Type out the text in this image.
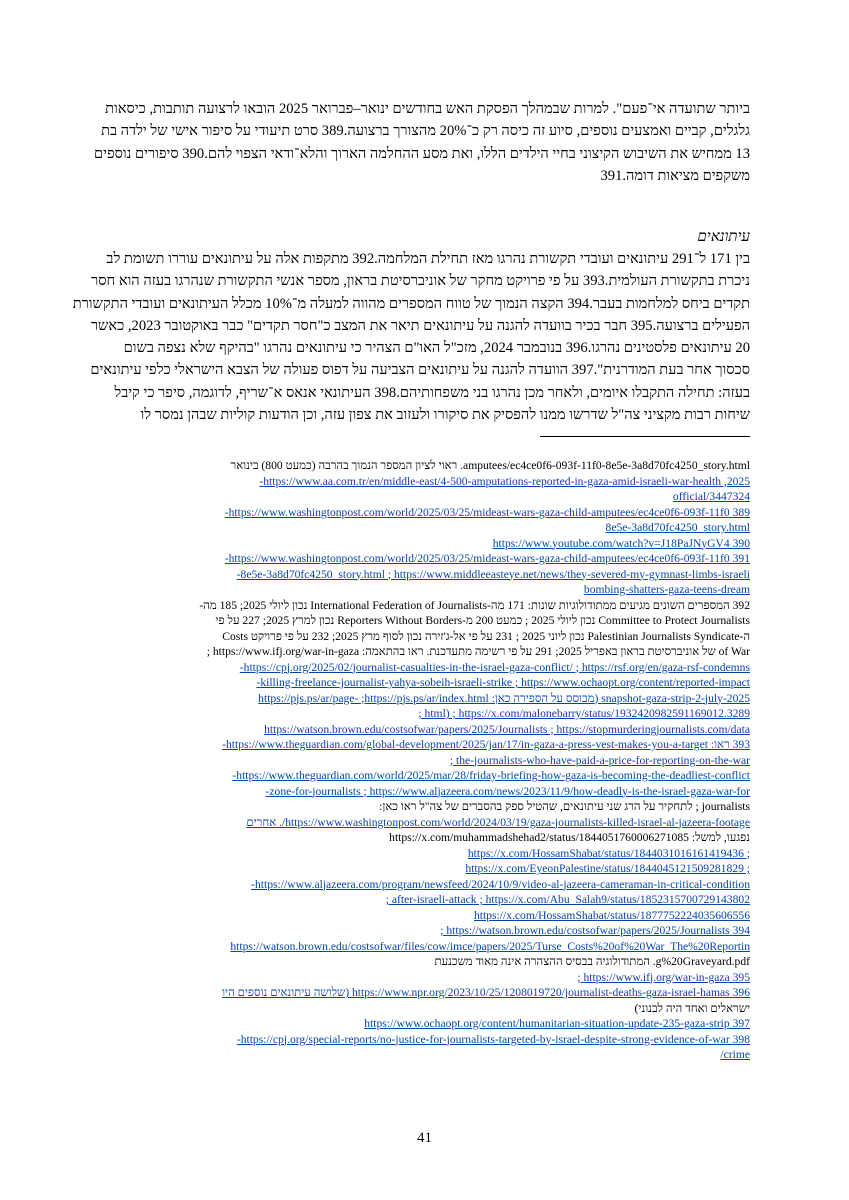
ביותר שתועדה אי־פעם". למרות שבמהלך הפסקת האש בחודשים ינואר–פברואר 2025 הובאו לרצועה תותבות, כיסאות
גלגלים, קביים ואמצעים נוספים, סיוע זה כיסה רק כ־20% מהצורך ברצועה.389 סרט תיעודי על סיפור אישי של ילדה בת
13 ממחיש את השיבוש הקיצוני בחיי הילדים הללו, ואת מסע ההחלמה הארוך והלא־ודאי הצפוי להם.390 סיפורים נוספים
משקפים מציאות דומה.391
עיתונאים
בין 171 ל־291 עיתונאים ועובדי תקשורת נהרגו מאז תחילת המלחמה.392 מתקפות אלה על עיתונאים עוררו תשומת לב
ניכרת בתקשורת העולמית.393 על פי פרויקט מחקר של אוניברסיטת בראון, מספר אנשי התקשורת שנהרגו בעזה הוא חסר
תקדים ביחס למלחמות בעבר.394 הקצה הנמוך של טווח המספרים מהווה למעלה מ־10% מכלל העיתונאים ועובדי התקשורת
הפעילים ברצועה.395 חבר בכיר בוועדה להגנה על עיתונאים תיאר את המצב כ"חסר תקדים" כבר באוקטובר 2023, כאשר
20 עיתונאים פלסטינים נהרגו.396 בנובמבר 2024, מזכ"ל האו"ם הצהיר כי עיתונאים נהרגו "בהיקף שלא נצפה בשום
סכסוך אחר בעת המודרנית".397 הוועדה להגנה על עיתונאים הצביעה על דפוס פעולה של הצבא הישראלי כלפי עיתונאים
בעזה: תחילה התקבלו איומים, ולאחר מכן נהרגו בני משפחותיהם.398 העיתונאי אנאס א־שריף, לדוגמה, סיפר כי קיבל
שיחות רבות מקציני צה"ל שדרשו ממנו להפסיק את סיקורו ולעזוב את צפון עזה, וכן הודעות קוליות שבהן נמסר לו
amputees/ec4ce0f6-093f-11f0-8e5e-3a8d70fc4250_story.html. ראוי לציון המספר הנמוך בהרבה (כמעט 800) בינואר
2025, https://www.aa.com.tr/en/middle-east/4-500-amputations-reported-in-gaza-amid-israeli-war-health-
official/3447324
389 https://www.washingtonpost.com/world/2025/03/25/mideast-wars-gaza-child-amputees/ec4ce0f6-093f-11f0-
8e5e-3a8d70fc4250_story.html
390 https://www.youtube.com/watch?v=J18PaJNyGV4
391 https://www.washingtonpost.com/world/2025/03/25/mideast-wars-gaza-child-amputees/ec4ce0f6-093f-11f0-
8e5e-3a8d70fc4250_story.html ; https://www.middleeasteye.net/news/they-severed-my-gymnast-limbs-israeli-
bombing-shatters-gaza-teens-dream
392 המספרים השונים מגיעים ממתודולוגיות שונות: 171 מה-International Federation of Journalists נכון ליולי 2025; 185 מה-
Committee to Protect Journalists נכון ליולי 2025 ; כמעט 200 מ-Reporters Without Borders נכון למרץ 2025; 227 על פי
ה-Palestinian Journalists Syndicate נכון ליוני 2025 ; 231 על פי אל-ג'זירה נכון לסוף מרץ 2025; 232 על פי פרויקט Costs
of War של אוניברסיטת בראון באפריל 2025; 291 על פי רשימה מתעדכנת. ראו בהתאמה: https://www.ifj.org/war-in-gaza ;
https://cpj.org/2025/02/journalist-casualties-in-the-israel-gaza-conflict/ ; https://rsf.org/en/gaza-rsf-condemns-
killing-freelance-journalist-yahya-sobeih-israeli-strike ; https://www.ochaopt.org/content/reported-impact-
snapshot-gaza-strip-2-july-2025 (מבוסס על הספירה כאן: https://pjs.ps/ar/page- ;https://pjs.ps/ar/index.html
3289.html) ; https://x.com/malonebarry/status/1932420982591169012 ;
https://watson.brown.edu/costsofwar/papers/2025/Journalists ; https://stopmurderingjournalists.com/data
393 ראו: https://www.theguardian.com/global-development/2025/jan/17/in-gaza-a-press-vest-makes-you-a-target-
the-journalists-who-have-paid-a-price-for-reporting-on-the-war ;
https://www.theguardian.com/world/2025/mar/28/friday-briefing-how-gaza-is-becoming-the-deadliest-conflict-
zone-for-journalists ; https://www.aljazeera.com/news/2023/11/9/how-deadly-is-the-israel-gaza-war-for-
journalists ; לתחקיר על הרג שני עיתונאים, שהטיל ספק בהסברים של צה"ל ראו כאן:
https://www.washingtonpost.com/world/2024/03/19/gaza-journalists-killed-israel-al-jazeera-footage/. אחרים
נפגעו, למשל: https://x.com/muhammadshehad2/status/1844051760006271085
; https://x.com/HossamShabat/status/1844031016161419436
; https://x.com/EyeonPalestine/status/1844045121509281829
https://www.aljazeera.com/program/newsfeed/2024/10/9/video-al-jazeera-cameraman-in-critical-condition-
after-israeli-attack ; https://x.com/Abu_Salah9/status/1852315700729143802 ;
https://x.com/HossamShabat/status/1877752224035606556
394 https://watson.brown.edu/costsofwar/papers/2025/Journalists ;
https://watson.brown.edu/costsofwar/files/cow/imce/papers/2025/Turse_Costs%20of%20War_The%20Reportin
g%20Graveyard.pdf. המתודולוגיה בבסיס ההצהרה אינה מאוד משכנעת
395 https://www.ifj.org/war-in-gaza ;
396 https://www.npr.org/2023/10/25/1208019720/journalist-deaths-gaza-israel-hamas (שלושה עיתונאים נוספים היו
ישראלים ואחד היה לבנוני)
397 https://www.ochaopt.org/content/humanitarian-situation-update-235-gaza-strip
398 https://cpj.org/special-reports/no-justice-for-journalists-targeted-by-israel-despite-strong-evidence-of-war-
crime/
41
